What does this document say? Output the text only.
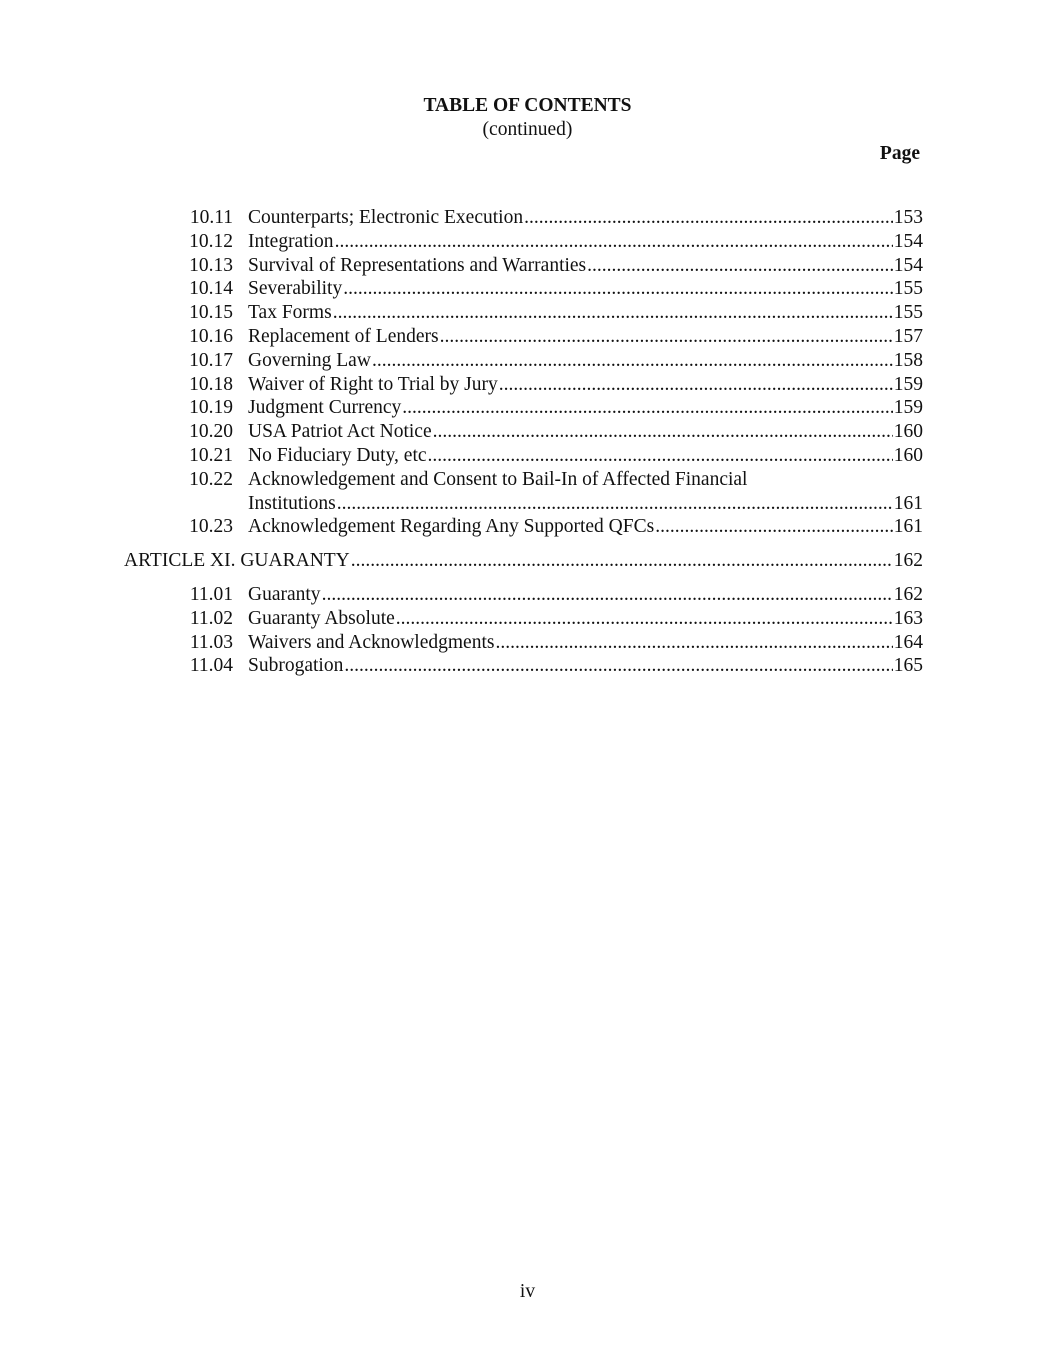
TABLE OF CONTENTS
(continued)
Page
10.11 Counterparts; Electronic Execution .....	153
10.12 Integration .....	154
10.13 Survival of Representations and Warranties .....	154
10.14 Severability .....	155
10.15 Tax Forms .....	155
10.16 Replacement of Lenders .....	157
10.17 Governing Law .....	158
10.18 Waiver of Right to Trial by Jury .....	159
10.19 Judgment Currency .....	159
10.20 USA Patriot Act Notice .....	160
10.21 No Fiduciary Duty, etc .....	160
10.22 Acknowledgement and Consent to Bail-In of Affected Financial
Institutions .....	161
10.23 Acknowledgement Regarding Any Supported QFCs .....	161
ARTICLE XI. GUARANTY .....	162
11.01 Guaranty .....	162
11.02 Guaranty Absolute .....	163
11.03 Waivers and Acknowledgments .....	164
11.04 Subrogation .....	165
iv
